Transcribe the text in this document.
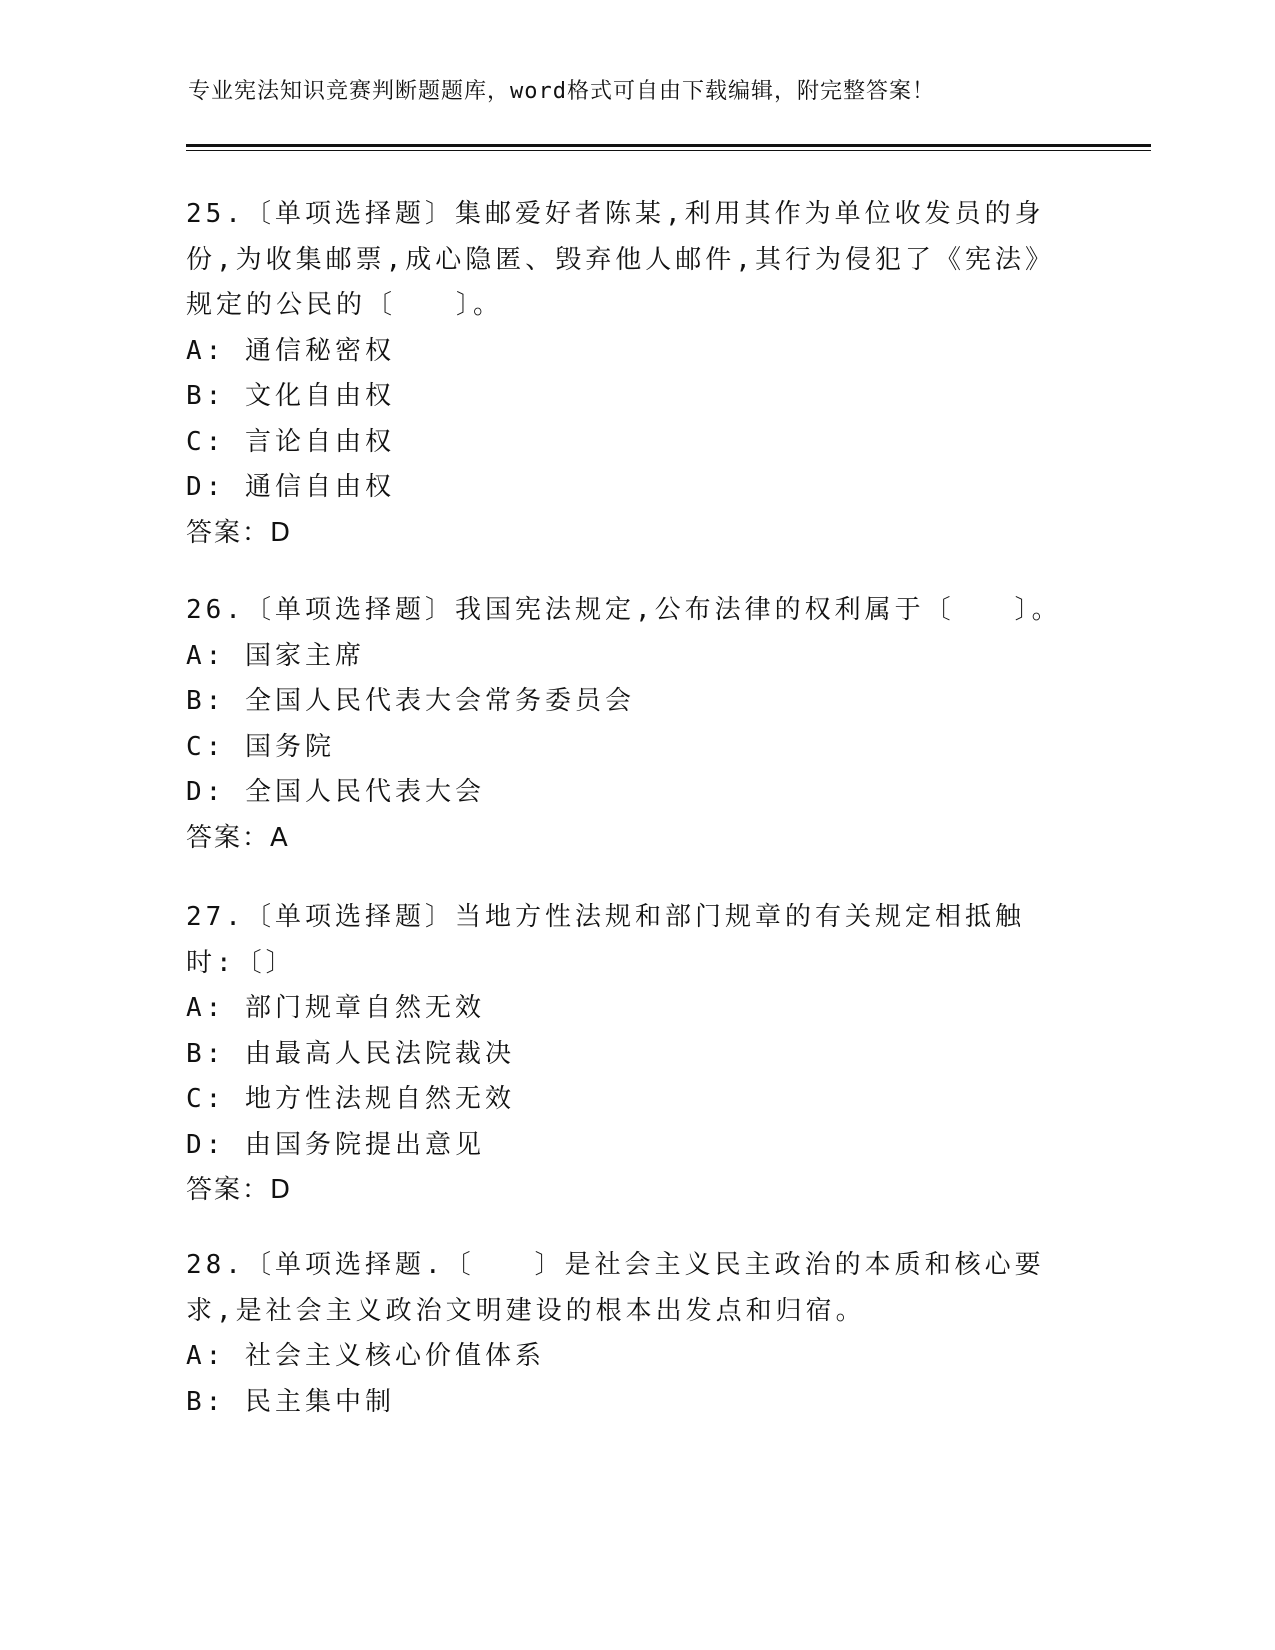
专业宪法知识竞赛判断题题库，word格式可自由下载编辑，附完整答案！

25.〔单项选择题〕集邮爱好者陈某,利用其作为单位收发员的身份,为收集邮票,成心隐匿、毁弃他人邮件,其行为侵犯了《宪法》规定的公民的〔　　〕。

A: 通信秘密权

B: 文化自由权

C: 言论自由权

D: 通信自由权

答案：D

26.〔单项选择题〕我国宪法规定,公布法律的权利属于〔　　〕。

A: 国家主席

B: 全国人民代表大会常务委员会

C: 国务院

D: 全国人民代表大会

答案：A

27.〔单项选择题〕当地方性法规和部门规章的有关规定相抵触时:〔〕

A: 部门规章自然无效

B: 由最高人民法院裁决

C: 地方性法规自然无效

D: 由国务院提出意见

答案：D

28.〔单项选择题.〔　　〕是社会主义民主政治的本质和核心要求,是社会主义政治文明建设的根本出发点和归宿。

A: 社会主义核心价值体系

B: 民主集中制
